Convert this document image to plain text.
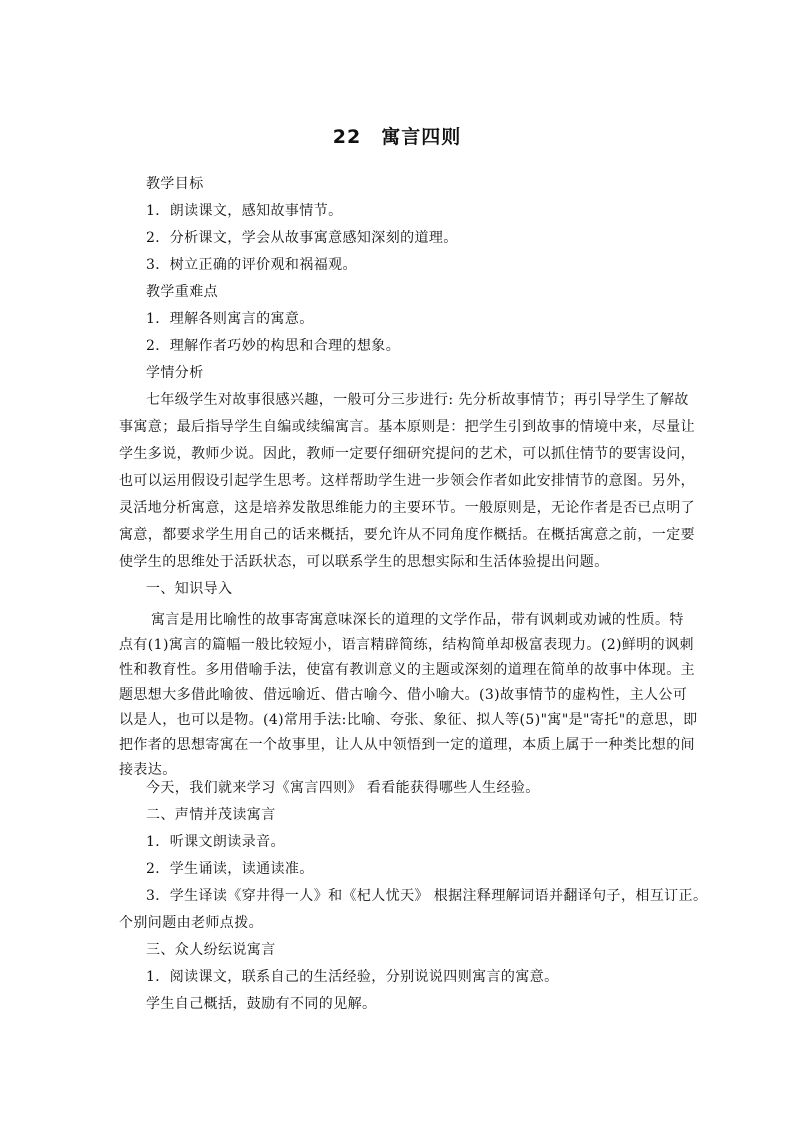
22　寓言四则
教学目标
1．朗读课文，感知故事情节。
2．分析课文，学会从故事寓意感知深刻的道理。
3．树立正确的评价观和祸福观。
教学重难点
1．理解各则寓言的寓意。
2．理解作者巧妙的构思和合理的想象。
学情分析
七年级学生对故事很感兴趣，一般可分三步进行: 先分析故事情节；再引导学生了解故
事寓意；最后指导学生自编或续编寓言。基本原则是：把学生引到故事的情境中来，尽量让
学生多说，教师少说。因此，教师一定要仔细研究提问的艺术，可以抓住情节的要害设问，
也可以运用假设引起学生思考。这样帮助学生进一步领会作者如此安排情节的意图。另外，
灵活地分析寓意，这是培养发散思维能力的主要环节。一般原则是，无论作者是否已点明了
寓意，都要求学生用自己的话来概括，要允许从不同角度作概括。在概括寓意之前，一定要
使学生的思维处于活跃状态，可以联系学生的思想实际和生活体验提出问题。
一、知识导入
寓言是用比喻性的故事寄寓意味深长的道理的文学作品，带有讽刺或劝诫的性质。特
点有(1)寓言的篇幅一般比较短小，语言精辟简练，结构简单却极富表现力。(2)鲜明的讽刺
性和教育性。多用借喻手法，使富有教训意义的主题或深刻的道理在简单的故事中体现。主
题思想大多借此喻彼、借远喻近、借古喻今、借小喻大。(3)故事情节的虚构性，主人公可
以是人，也可以是物。(4)常用手法:比喻、夸张、象征、拟人等(5)"寓"是"寄托"的意思，即
把作者的思想寄寓在一个故事里，让人从中领悟到一定的道理，本质上属于一种类比想的间
接表达。
今天，我们就来学习《寓言四则》 看看能获得哪些人生经验。
二、声情并茂读寓言
1．听课文朗读录音。
2．学生诵读，读通读准。
3．学生译读《穿井得一人》和《杞人忧天》 根据注释理解词语并翻译句子，相互订正。
个别问题由老师点拨。
三、众人纷纭说寓言
1．阅读课文，联系自己的生活经验，分别说说四则寓言的寓意。
学生自己概括，鼓励有不同的见解。
